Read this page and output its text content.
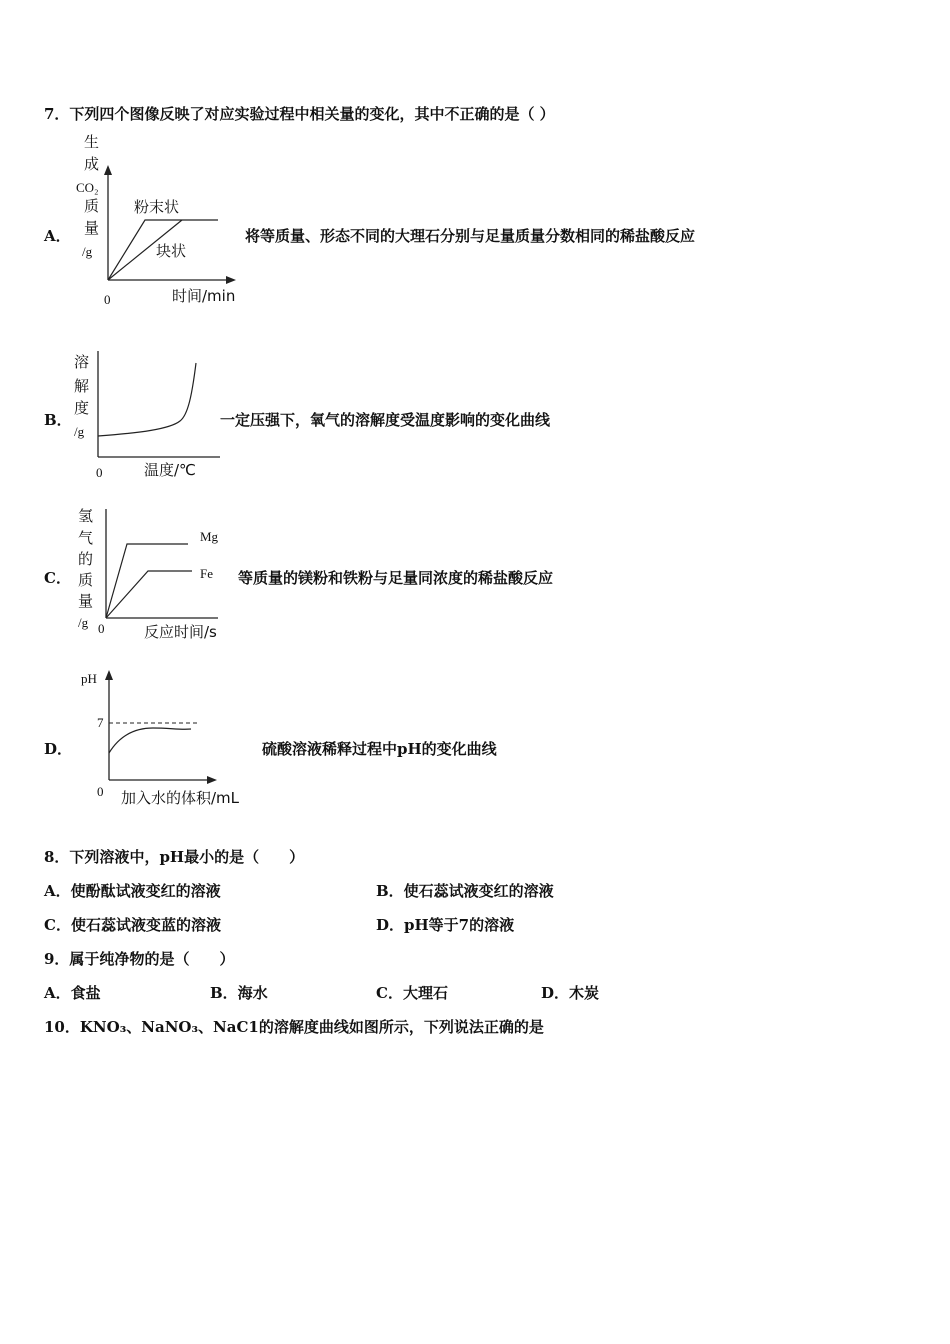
7．下列四个图像反映了对应实验过程中相关量的变化，其中不正确的是（ ）
A．
生
成
CO₂
质
量
/g
粉末状
块状
0	时间/min
将等质量、形态不同的大理石分别与足量质量分数相同的稀盐酸反应
B．
溶
解
度
/g
0	温度/℃
一定压强下，氧气的溶解度受温度影响的变化曲线
C．
氢
气
的
质
量
/g
Mg
Fe
0	反应时间/s
等质量的镁粉和铁粉与足量同浓度的稀盐酸反应
D．
pH
7
0 加入水的体积/mL
硫酸溶液稀释过程中pH的变化曲线
8．下列溶液中，pH最小的是（　　）
A．使酚酞试液变红的溶液	B．使石蕊试液变红的溶液
C．使石蕊试液变蓝的溶液	D．pH等于7的溶液
9．属于纯净物的是（　　）
A．食盐	B．海水	C．大理石	D．木炭
10．KNO₃、NaNO₃、NaC1的溶解度曲线如图所示，下列说法正确的是
